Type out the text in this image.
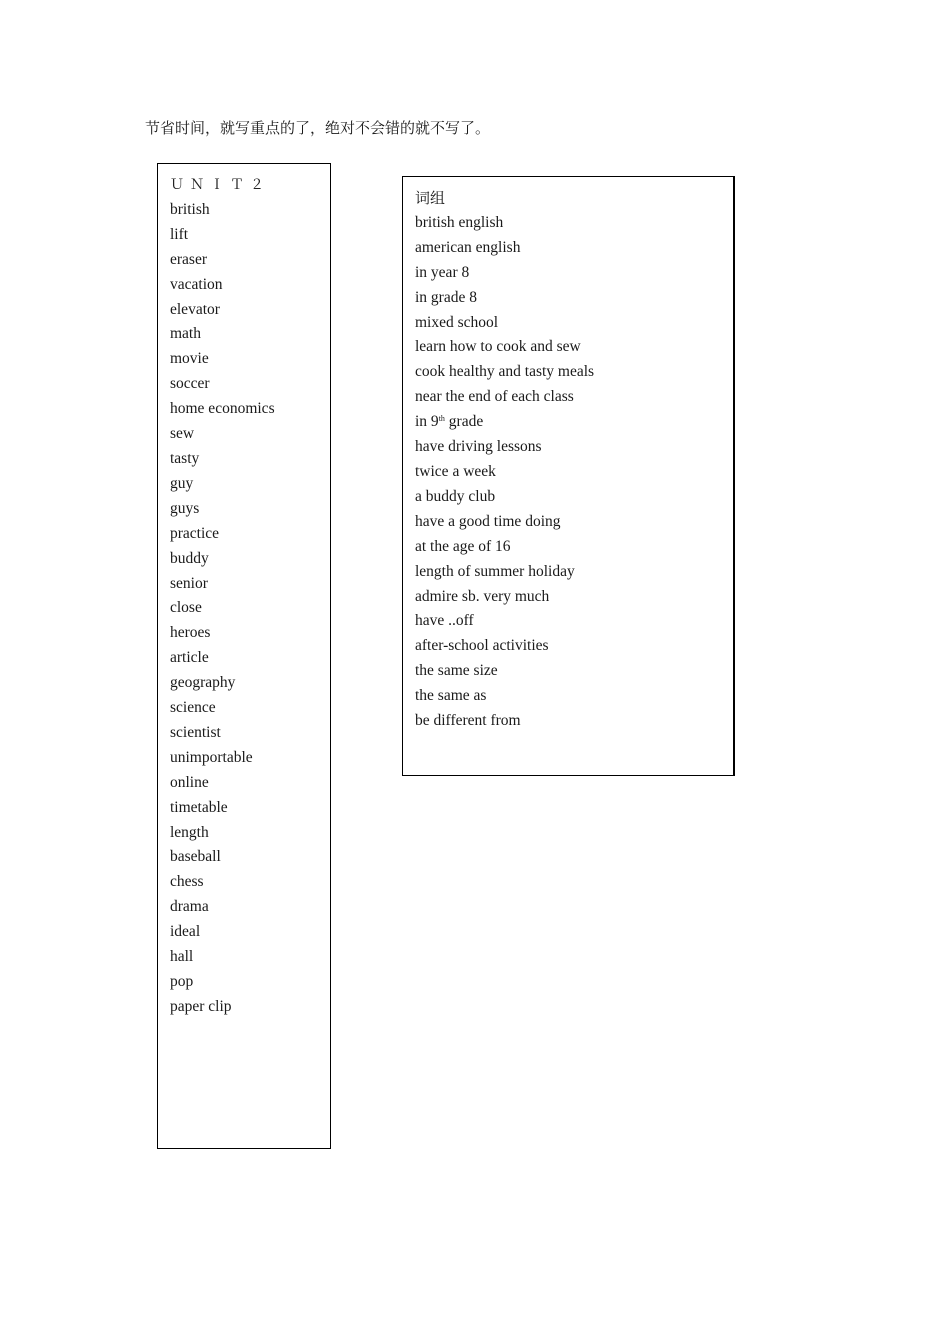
节省时间，就写重点的了，绝对不会错的就不写了。

ＵＮＩＴ２
british
lift
eraser
vacation
elevator
math
movie
soccer
home economics
sew
tasty
guy
guys
practice
buddy
senior
close
heroes
article
geography
science
scientist
unimportable
online
timetable
length
baseball
chess
drama
ideal
hall
pop
paper clip
词组
british english
american english
in year 8
in grade 8
mixed school
learn how to cook and sew
cook healthy and tasty meals
near the end of each class
in 9th grade
have driving lessons
twice a week
a buddy club
have a good time doing
at the age of 16
length of summer holiday
admire sb. very much
have ..off
after-school activities
the same size
the same as
be different from
